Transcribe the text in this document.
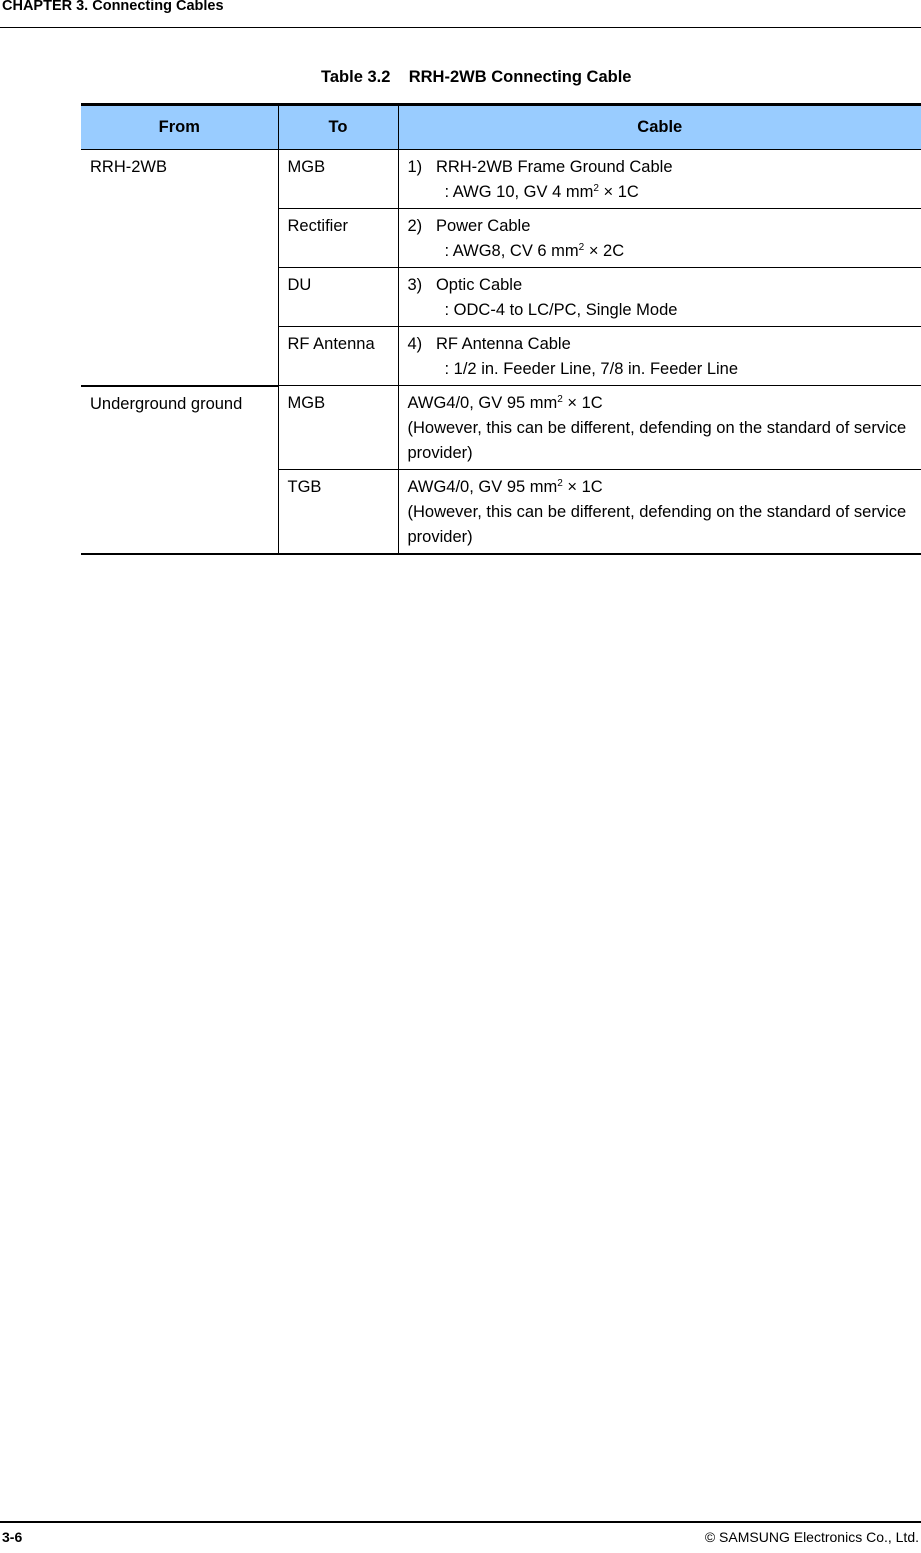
CHAPTER 3. Connecting Cables
Table 3.2    RRH-2WB Connecting Cable
From	To	Cable
RRH-2WB	MGB	1) RRH-2WB Frame Ground Cable
: AWG 10, GV 4 $mm^2 \times 1C$

	Rectifier	2) Power Cable
: AWG8, CV 6 $mm^2 \times 2C$

	DU	3) Optic Cable
: ODC-4 to LC/PC, Single Mode

	RF Antenna	4) RF Antenna Cable
: 1/2 in. Feeder Line, 7/8 in. Feeder Line

Underground ground	MGB	AWG4/0, GV 95 $mm^2 \times 1C$
(However, this can be different, defending on the standard of service provider)

	TGB	AWG4/0, GV 95 $mm^2 \times 1C$
(However, this can be different, defending on the standard of service provider)
3-6	© SAMSUNG Electronics Co., Ltd.
